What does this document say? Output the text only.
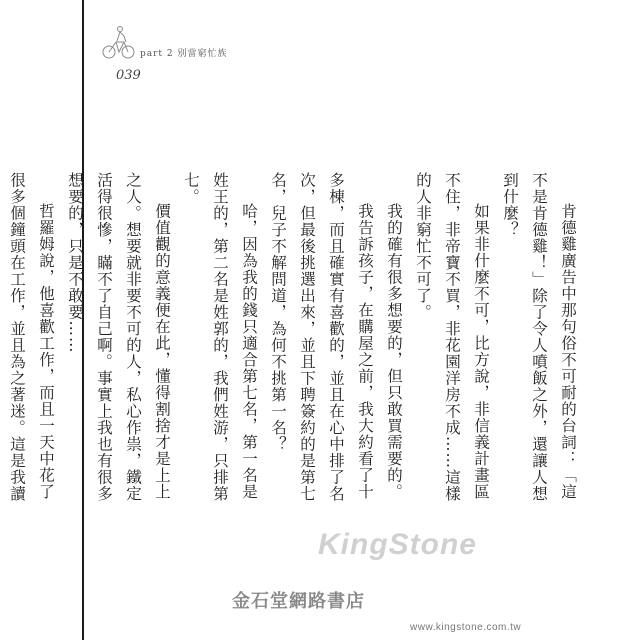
part 2 別當窮忙族
039

肯德雞廣告中那句俗不可耐的台詞：「這不是肯德雞！」除了令人噴飯之外，還讓人想到什麼？

如果非什麼不可，比方說，非信義計畫區不住，非帝寶不買，非花園洋房不成……這樣的人非窮忙不可了。

我的確有很多想要的，但只敢買需要的。

我告訴孩子，在購屋之前，我大約看了十多棟，而且確實有喜歡的，並且在心中排了名次，但最後挑選出來，並且下聘簽約的是第七名，兒子不解問道，為何不挑第一名？

哈，因為我的錢只適合第七名，第一名是姓王的，第二名是姓郭的，我們姓游，只排第七。

價值觀的意義便在此，懂得割捨才是上上之人。想要就非要不可的人，私心作祟，鐵定活得很慘，瞞不了自己啊。事實上我也有很多想要的，只是不敢要……

哲羅姆說，他喜歡工作，而且一天中花了很多個鐘頭在工作，並且為之著迷。這是我讀

KingStone
金石堂網路書店
www.kingstone.com.tw
